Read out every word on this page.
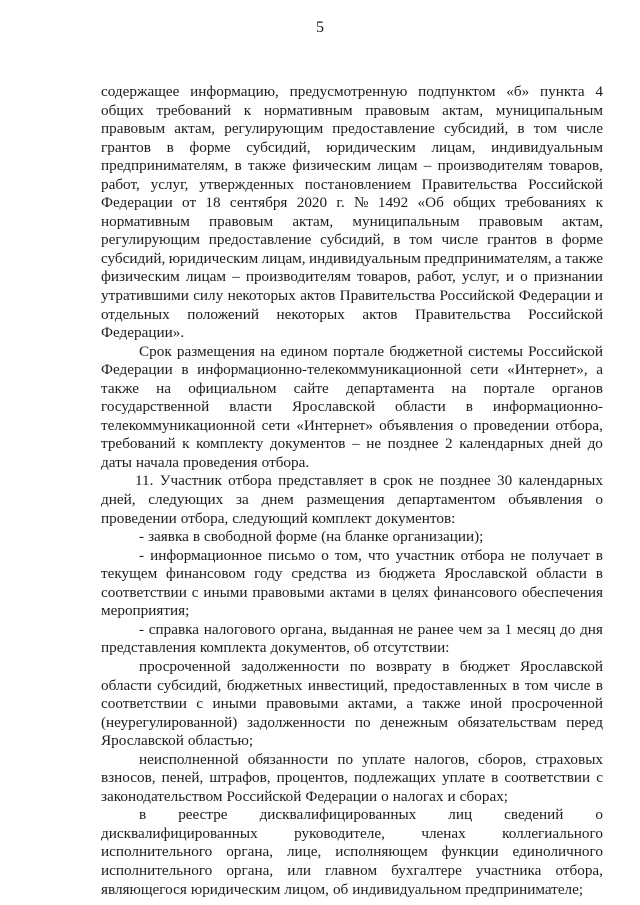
5
содержащее информацию, предусмотренную подпунктом «б» пункта 4
общих требований к нормативным правовым актам, муниципальным
правовым актам, регулирующим предоставление субсидий, в том числе
грантов в форме субсидий, юридическим лицам, индивидуальным
предпринимателям, в также физическим лицам – производителям товаров,
работ, услуг, утвержденных постановлением Правительства Российской
Федерации от 18 сентября 2020 г. № 1492 «Об общих требованиях к
нормативным правовым актам, муниципальным правовым актам,
регулирующим предоставление субсидий, в том числе грантов в форме
субсидий, юридическим лицам, индивидуальным предпринимателям, а также
физическим лицам – производителям товаров, работ, услуг, и о признании
утратившими силу некоторых актов Правительства Российской Федерации и
отдельных положений некоторых актов Правительства Российской
Федерации».
Срок размещения на едином портале бюджетной системы Российской
Федерации в информационно-телекоммуникационной сети «Интернет», а
также на официальном сайте департамента на портале органов
государственной власти Ярославской области в информационно-
телекоммуникационной сети «Интернет» объявления о проведении отбора,
требований к комплекту документов – не позднее 2 календарных дней до
даты начала проведения отбора.
11. Участник отбора представляет в срок не позднее 30 календарных
дней, следующих за днем размещения департаментом объявления о
проведении отбора, следующий комплект документов:
- заявка в свободной форме (на бланке организации);
- информационное письмо о том, что участник отбора не получает в
текущем финансовом году средства из бюджета Ярославской области в
соответствии с иными правовыми актами в целях финансового обеспечения
мероприятия;
- справка налогового органа, выданная не ранее чем за 1 месяц до дня
представления комплекта документов, об отсутствии:
просроченной задолженности по возврату в бюджет Ярославской
области субсидий, бюджетных инвестиций, предоставленных в том числе в
соответствии с иными правовыми актами, а также иной просроченной
(неурегулированной) задолженности по денежным обязательствам перед
Ярославской областью;
неисполненной обязанности по уплате налогов, сборов, страховых
взносов, пеней, штрафов, процентов, подлежащих уплате в соответствии с
законодательством Российской Федерации о налогах и сборах;
в реестре дисквалифицированных лиц сведений о
дисквалифицированных руководителе, членах коллегиального
исполнительного органа, лице, исполняющем функции единоличного
исполнительного органа, или главном бухгалтере участника отбора,
являющегося юридическим лицом, об индивидуальном предпринимателе;
